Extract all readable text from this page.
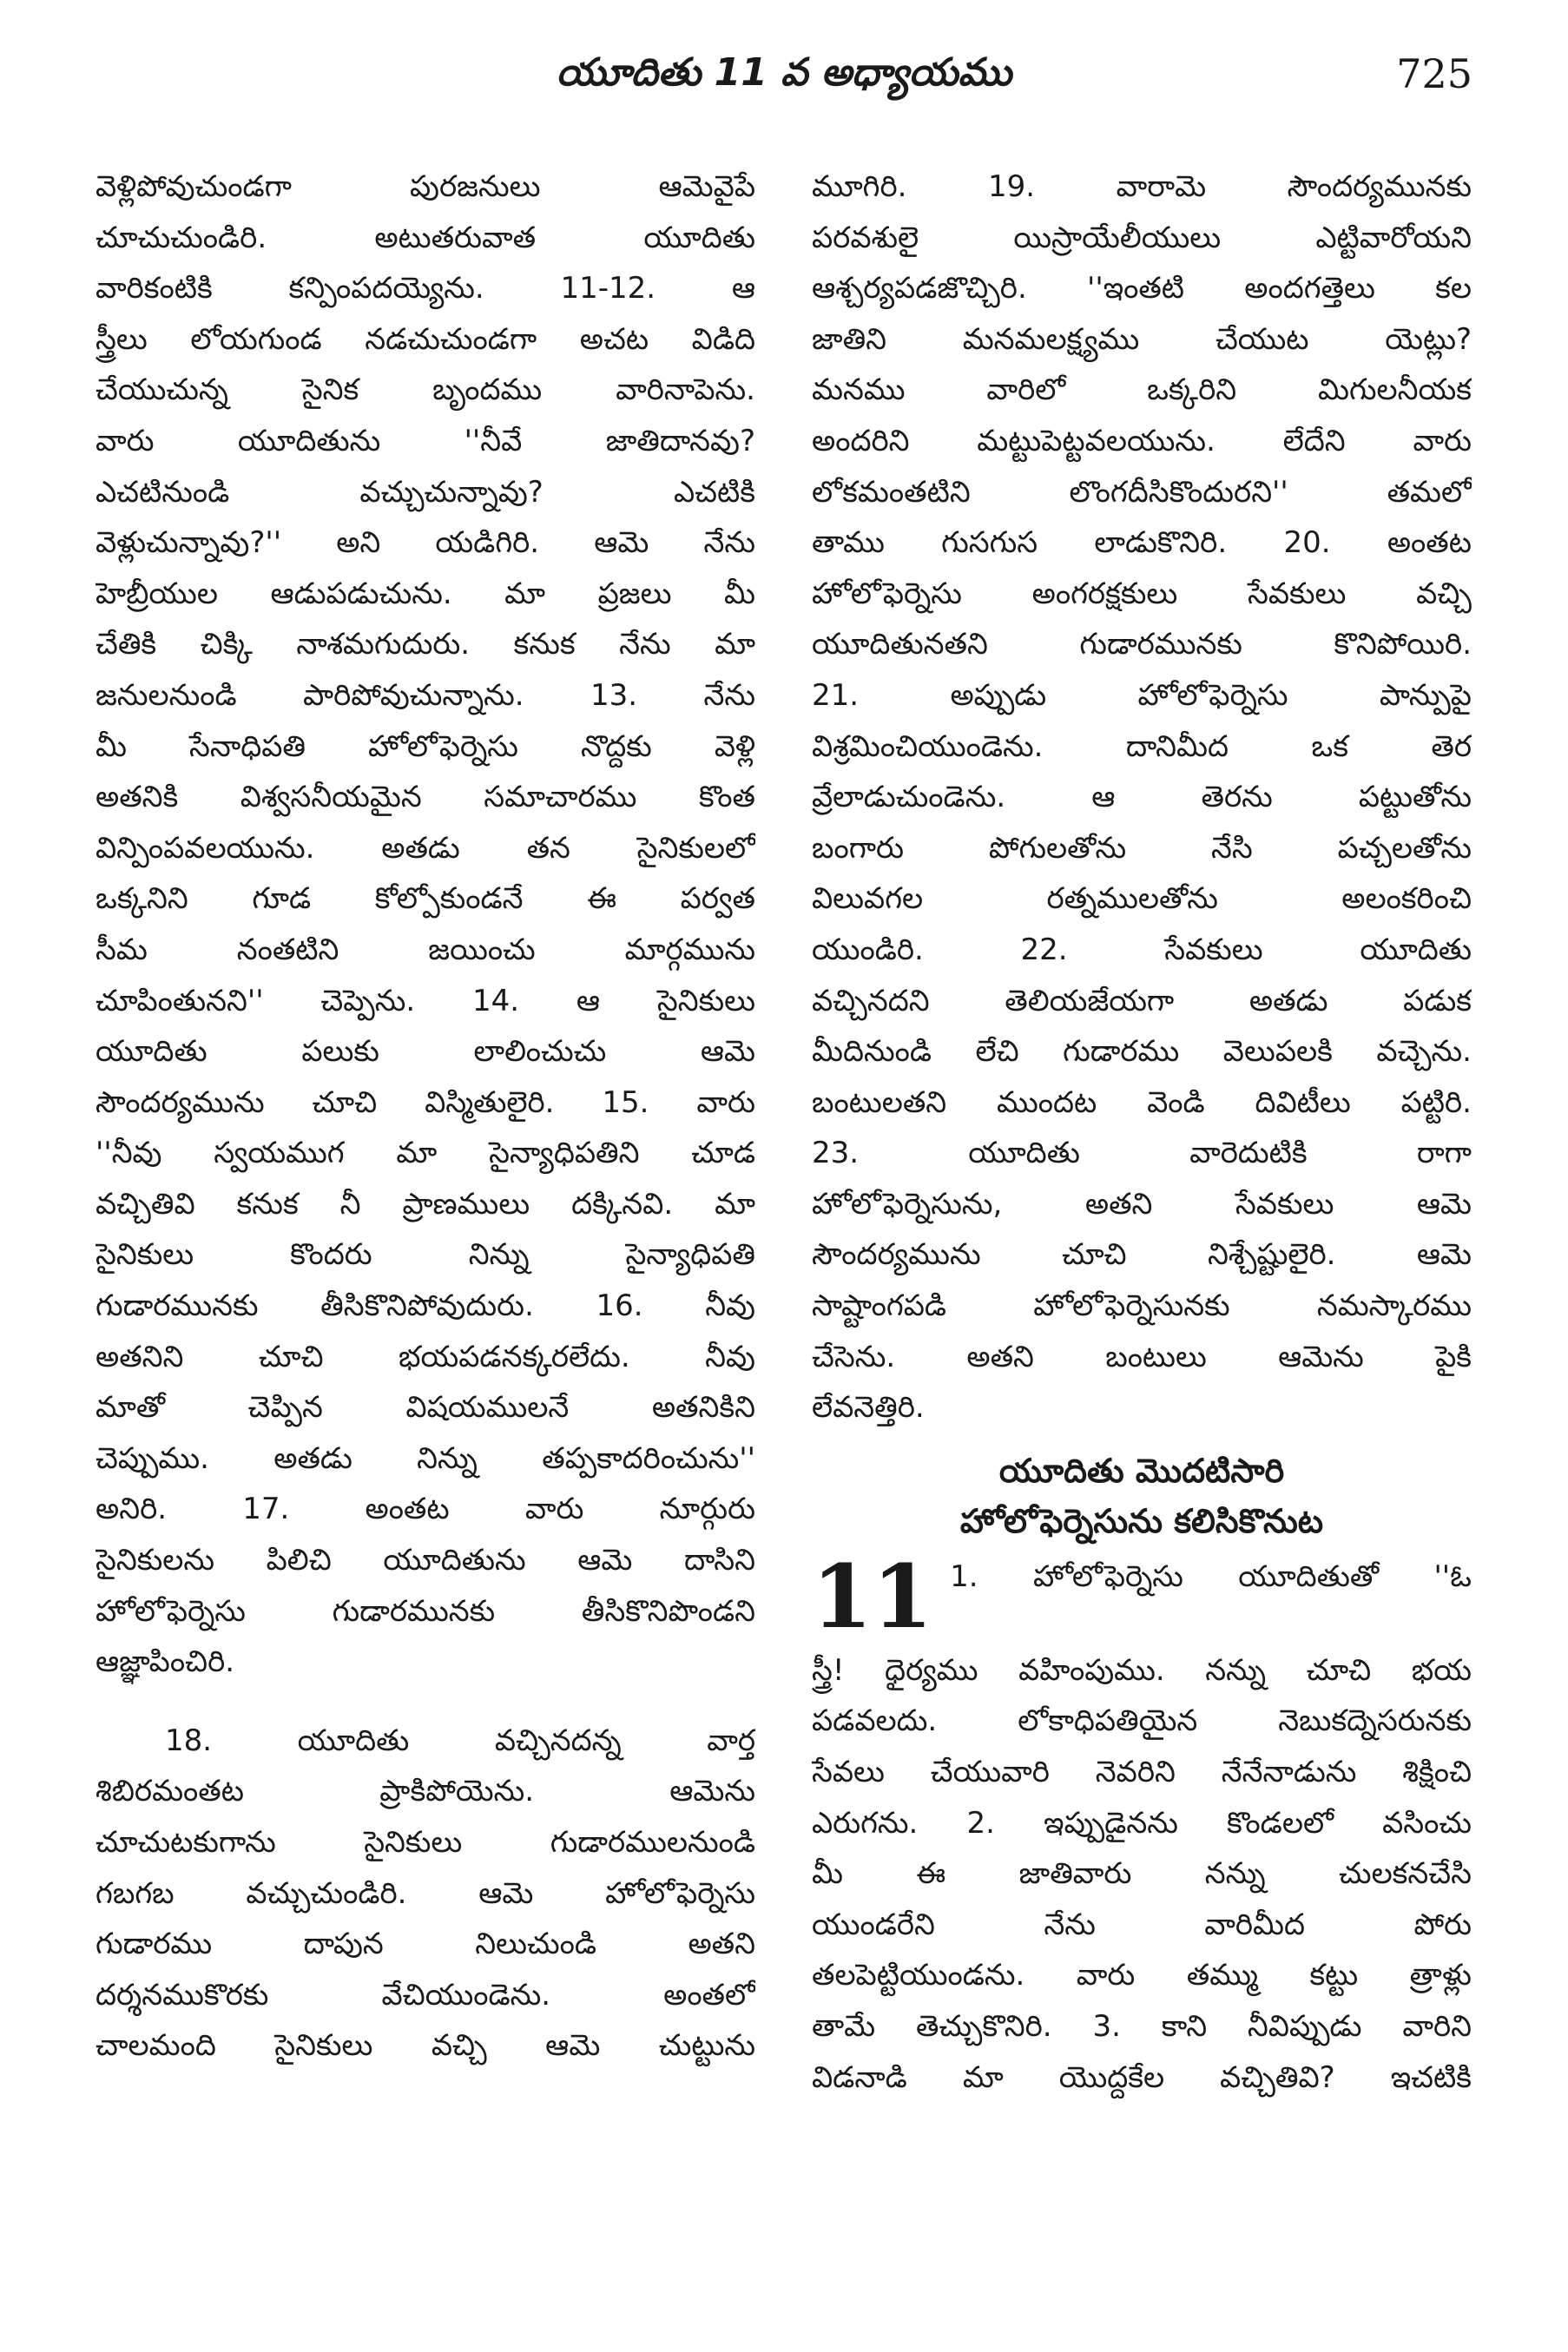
యూదితు 11 వ అధ్యాయము	725
వెళ్లిపోవుచుండగా పురజనులు ఆమెవైపే
చూచుచుండిరి. అటుతరువాత యూదితు
వారికంటికి కన్పింపదయ్యెను. 11-12. ఆ
స్త్రీలు లోయగుండ నడచుచుండగా అచట విడిది
చేయుచున్న సైనిక బృందము వారినాపెను.
వారు యూదితును ''నీవే జాతిదానవు?
ఎచటినుండి వచ్చుచున్నావు? ఎచటికి
వెళ్లుచున్నావు?'' అని యడిగిరి. ఆమె నేను
హెబ్రీయుల ఆడుపడుచును. మా ప్రజలు మీ
చేతికి చిక్కి నాశమగుదురు. కనుక నేను మా
జనులనుండి పారిపోవుచున్నాను. 13. నేను
మీ సేనాధిపతి హోలోఫెర్నెసు నొద్దకు వెళ్లి
అతనికి విశ్వసనీయమైన సమాచారము కొంత
విన్పింపవలయును. అతడు తన సైనికులలో
ఒక్కనిని గూడ కోల్పోకుండనే ఈ పర్వత
సీమ నంతటిని జయించు మార్గమును
చూపింతునని'' చెప్పెను. 14. ఆ సైనికులు
యూదితు పలుకు లాలించుచు ఆమె
సౌందర్యమును చూచి విస్మితులైరి. 15. వారు
''నీవు స్వయముగ మా సైన్యాధిపతిని చూడ
వచ్చితివి కనుక నీ ప్రాణములు దక్కినవి. మా
సైనికులు కొందరు నిన్ను సైన్యాధిపతి
గుడారమునకు తీసికొనిపోవుదురు. 16. నీవు
అతనిని చూచి భయపడనక్కరలేదు. నీవు
మాతో చెప్పిన విషయములనే అతనికిని
చెప్పుము. అతడు నిన్ను తప్పకాదరించును''
అనిరి. 17. అంతట వారు నూర్గురు
సైనికులను పిలిచి యూదితును ఆమె దాసిని
హోలోఫెర్నెసు గుడారమునకు తీసికొనిపొండని
ఆజ్ఞాపించిరి.
18. యూదితు వచ్చినదన్న వార్త
శిబిరమంతట ప్రాకిపోయెను. ఆమెను
చూచుటకుగాను సైనికులు గుడారములనుండి
గబగబ వచ్చుచుండిరి. ఆమె హోలోఫెర్నెసు
గుడారము దాపున నిలుచుండి అతని
దర్శనముకొరకు వేచియుండెను. అంతలో
చాలమంది సైనికులు వచ్చి ఆమె చుట్టును
మూగిరి. 19. వారామె సౌందర్యమునకు
పరవశులై యిస్రాయేలీయులు ఎట్టివారోయని
ఆశ్చర్యపడజొచ్చిరి. ''ఇంతటి అందగత్తెలు కల
జాతిని మనమలక్ష్యము చేయుట యెట్లు?
మనము వారిలో ఒక్కరిని మిగులనీయక
అందరిని మట్టుపెట్టవలయును. లేదేని వారు
లోకమంతటిని లొంగదీసికొందురని'' తమలో
తాము గుసగుస లాడుకొనిరి. 20. అంతట
హోలోఫెర్నెసు అంగరక్షకులు సేవకులు వచ్చి
యూదితునతని గుడారమునకు కొనిపోయిరి.
21. అప్పుడు హోలోఫెర్నెసు పాన్పుపై
విశ్రమించియుండెను. దానిమీద ఒక తెర
వ్రేలాడుచుండెను. ఆ తెరను పట్టుతోను
బంగారు పోగులతోను నేసి పచ్చలతోను
విలువగల రత్నములతోను అలంకరించి
యుండిరి. 22. సేవకులు యూదితు
వచ్చినదని తెలియజేయగా అతడు పడుక
మీదినుండి లేచి గుడారము వెలుపలకి వచ్చెను.
బంటులతని ముందట వెండి దివిటీలు పట్టిరి.
23. యూదితు వారెదుటికి రాగా
హోలోఫెర్నెసును, అతని సేవకులు ఆమె
సౌందర్యమును చూచి నిశ్చేష్టులైరి. ఆమె
సాష్టాంగపడి హోలోఫెర్నెసునకు నమస్కారము
చేసెను. అతని బంటులు ఆమెను పైకి
లేవనెత్తిరి.
యూదితు మొదటిసారి
హోలోఫెర్నెసును కలిసికొనుట
11 1. హోలోఫెర్నెసు యూదితుతో ''ఓ
స్త్రీ! ధైర్యము వహింపుము. నన్ను చూచి భయ
పడవలదు. లోకాధిపతియైన నెబుకద్నెసరునకు
సేవలు చేయువారి నెవరిని నేనేనాడును శిక్షించి
ఎరుగను. 2. ఇప్పుడైనను కొండలలో వసించు
మీ ఈ జాతివారు నన్ను చులకనచేసి
యుండరేని నేను వారిమీద పోరు
తలపెట్టియుండను. వారు తమ్ము కట్టు త్రాళ్లు
తామే తెచ్చుకొనిరి. 3. కాని నీవిప్పుడు వారిని
విడనాడి మా యొద్దకేల వచ్చితివి? ఇచటికి
